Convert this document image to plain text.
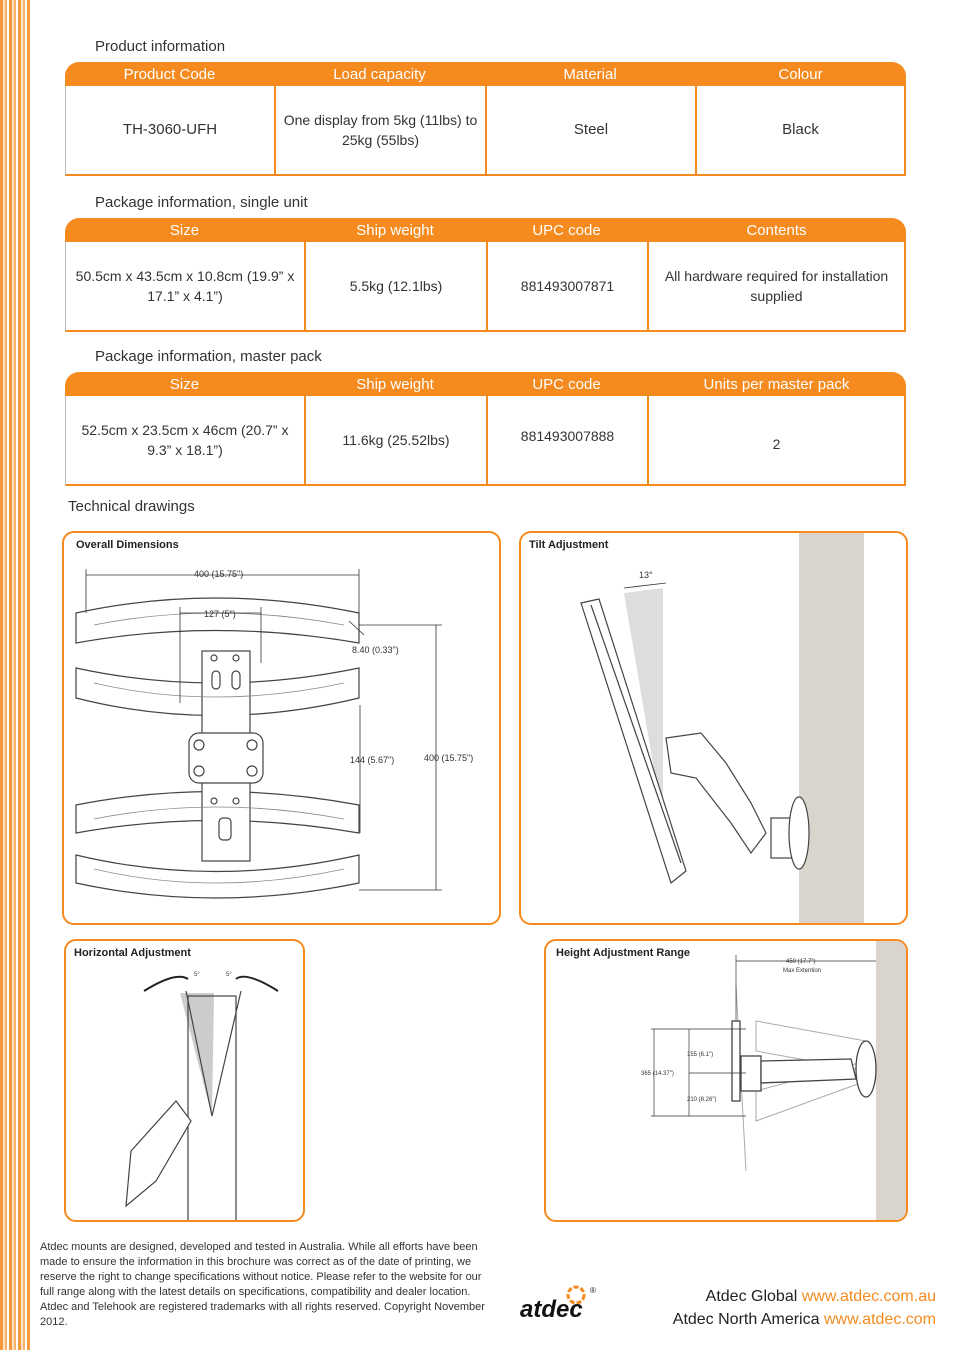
Product information
Product Code	Load capacity	Material	Colour
TH-3060-UFH	One display from 5kg (11lbs) to 25kg (55lbs)	Steel	Black
Package information, single unit
Size	Ship weight	UPC code	Contents
50.5cm x 43.5cm x 10.8cm (19.9” x 17.1” x 4.1”)	5.5kg (12.1lbs)	881493007871	All hardware required for installation supplied
Package information, master pack
Size	Ship weight	UPC code	Units per master pack
52.5cm x 23.5cm x 46cm (20.7” x 9.3” x 18.1”)	11.6kg (25.52lbs)	881493007888	2
Technical drawings
Overall Dimensions
400 (15.75")
127 (5")
8.40 (0.33")
144 (5.67")	400 (15.75")
Tilt Adjustment
13°
Horizontal Adjustment
5°	5°
Height Adjustment Range
450 (17.7")
Max Extention
155 (6.1")
365 (14.37")
210 (8.26")
Atdec mounts are designed, developed and tested in Australia. While all efforts have been made to ensure the information in this brochure was correct as of the date of printing, we reserve the right to change specifications without notice. Please refer to the website for our full range along with the latest details on specifications, compatibility and dealer location. Atdec and Telehook are registered trademarks with all rights reserved. Copyright November 2012.	atdec
®	Atdec Global www.atdec.com.au
Atdec North America www.atdec.com
